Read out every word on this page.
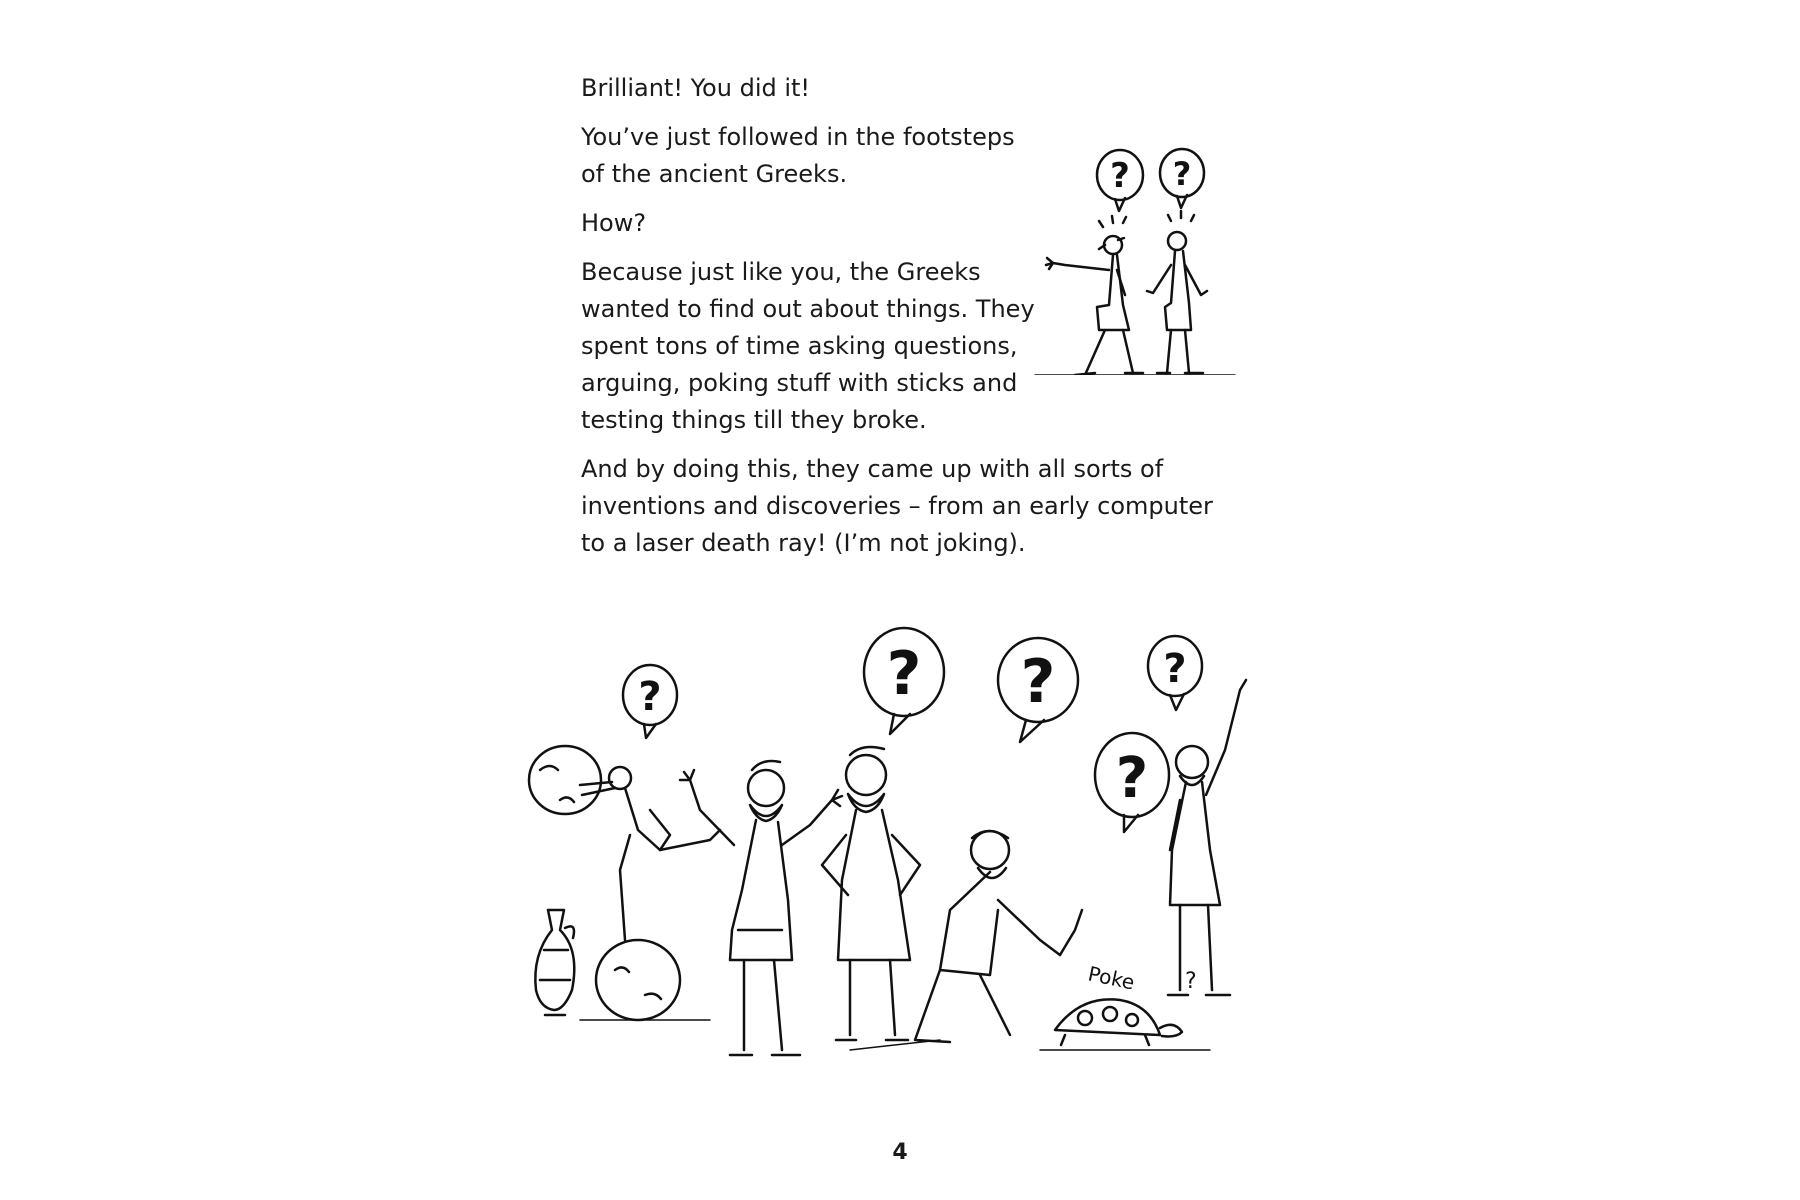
Brilliant! You did it!

You’ve just followed in the footsteps of the ancient Greeks.

How?

Because just like you, the Greeks wanted to find out about things. They spent tons of time asking questions, arguing, poking stuff with sticks and testing things till they broke.

And by doing this, they came up with all sorts of inventions and discoveries – from an early computer to a laser death ray! (I’m not joking).

? ?
?	? ?	?
?
Poke ?
4
